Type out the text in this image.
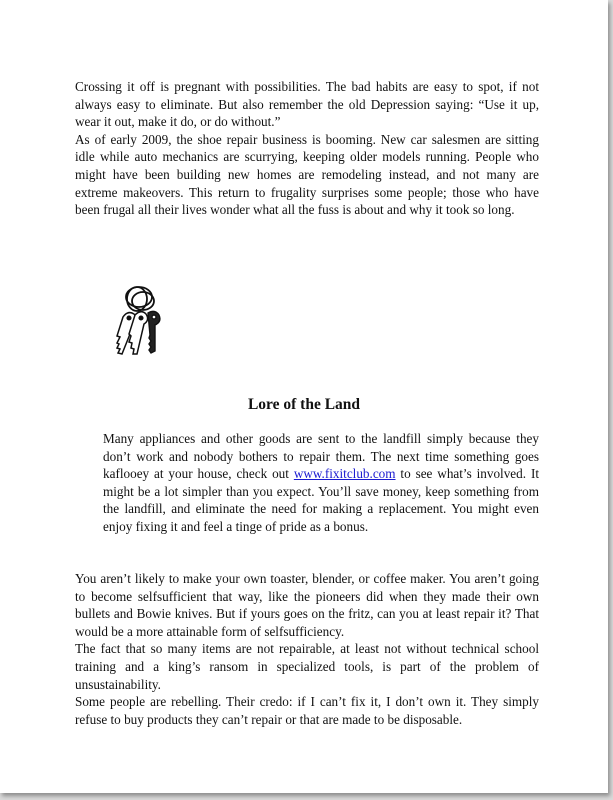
Crossing it off is pregnant with possibilities. The bad habits are easy to spot, if not always easy to eliminate. But also remember the old Depression saying: “Use it up, wear it out, make it do, or do without.”
As of early 2009, the shoe repair business is booming. New car salesmen are sitting idle while auto mechanics are scurrying, keeping older models running. People who might have been building new homes are remodeling instead, and not many are extreme makeovers. This return to frugality surprises some people; those who have been frugal all their lives wonder what all the fuss is about and why it took so long.

Lore of the Land

Many appliances and other goods are sent to the landfill simply because they don’t work and nobody bothers to repair them. The next time something goes kaflooey at your house, check out www.fixitclub.com to see what’s involved. It might be a lot simpler than you expect. You’ll save money, keep something from the landfill, and eliminate the need for making a replacement. You might even enjoy fixing it and feel a tinge of pride as a bonus.

You aren’t likely to make your own toaster, blender, or coffee maker. You aren’t going to become selfsufficient that way, like the pioneers did when they made their own bullets and Bowie knives. But if yours goes on the fritz, can you at least repair it? That would be a more attainable form of selfsufficiency.
The fact that so many items are not repairable, at least not without technical school training and a king’s ransom in specialized tools, is part of the problem of unsustainability.
Some people are rebelling. Their credo: if I can’t fix it, I don’t own it. They simply refuse to buy products they can’t repair or that are made to be disposable.
